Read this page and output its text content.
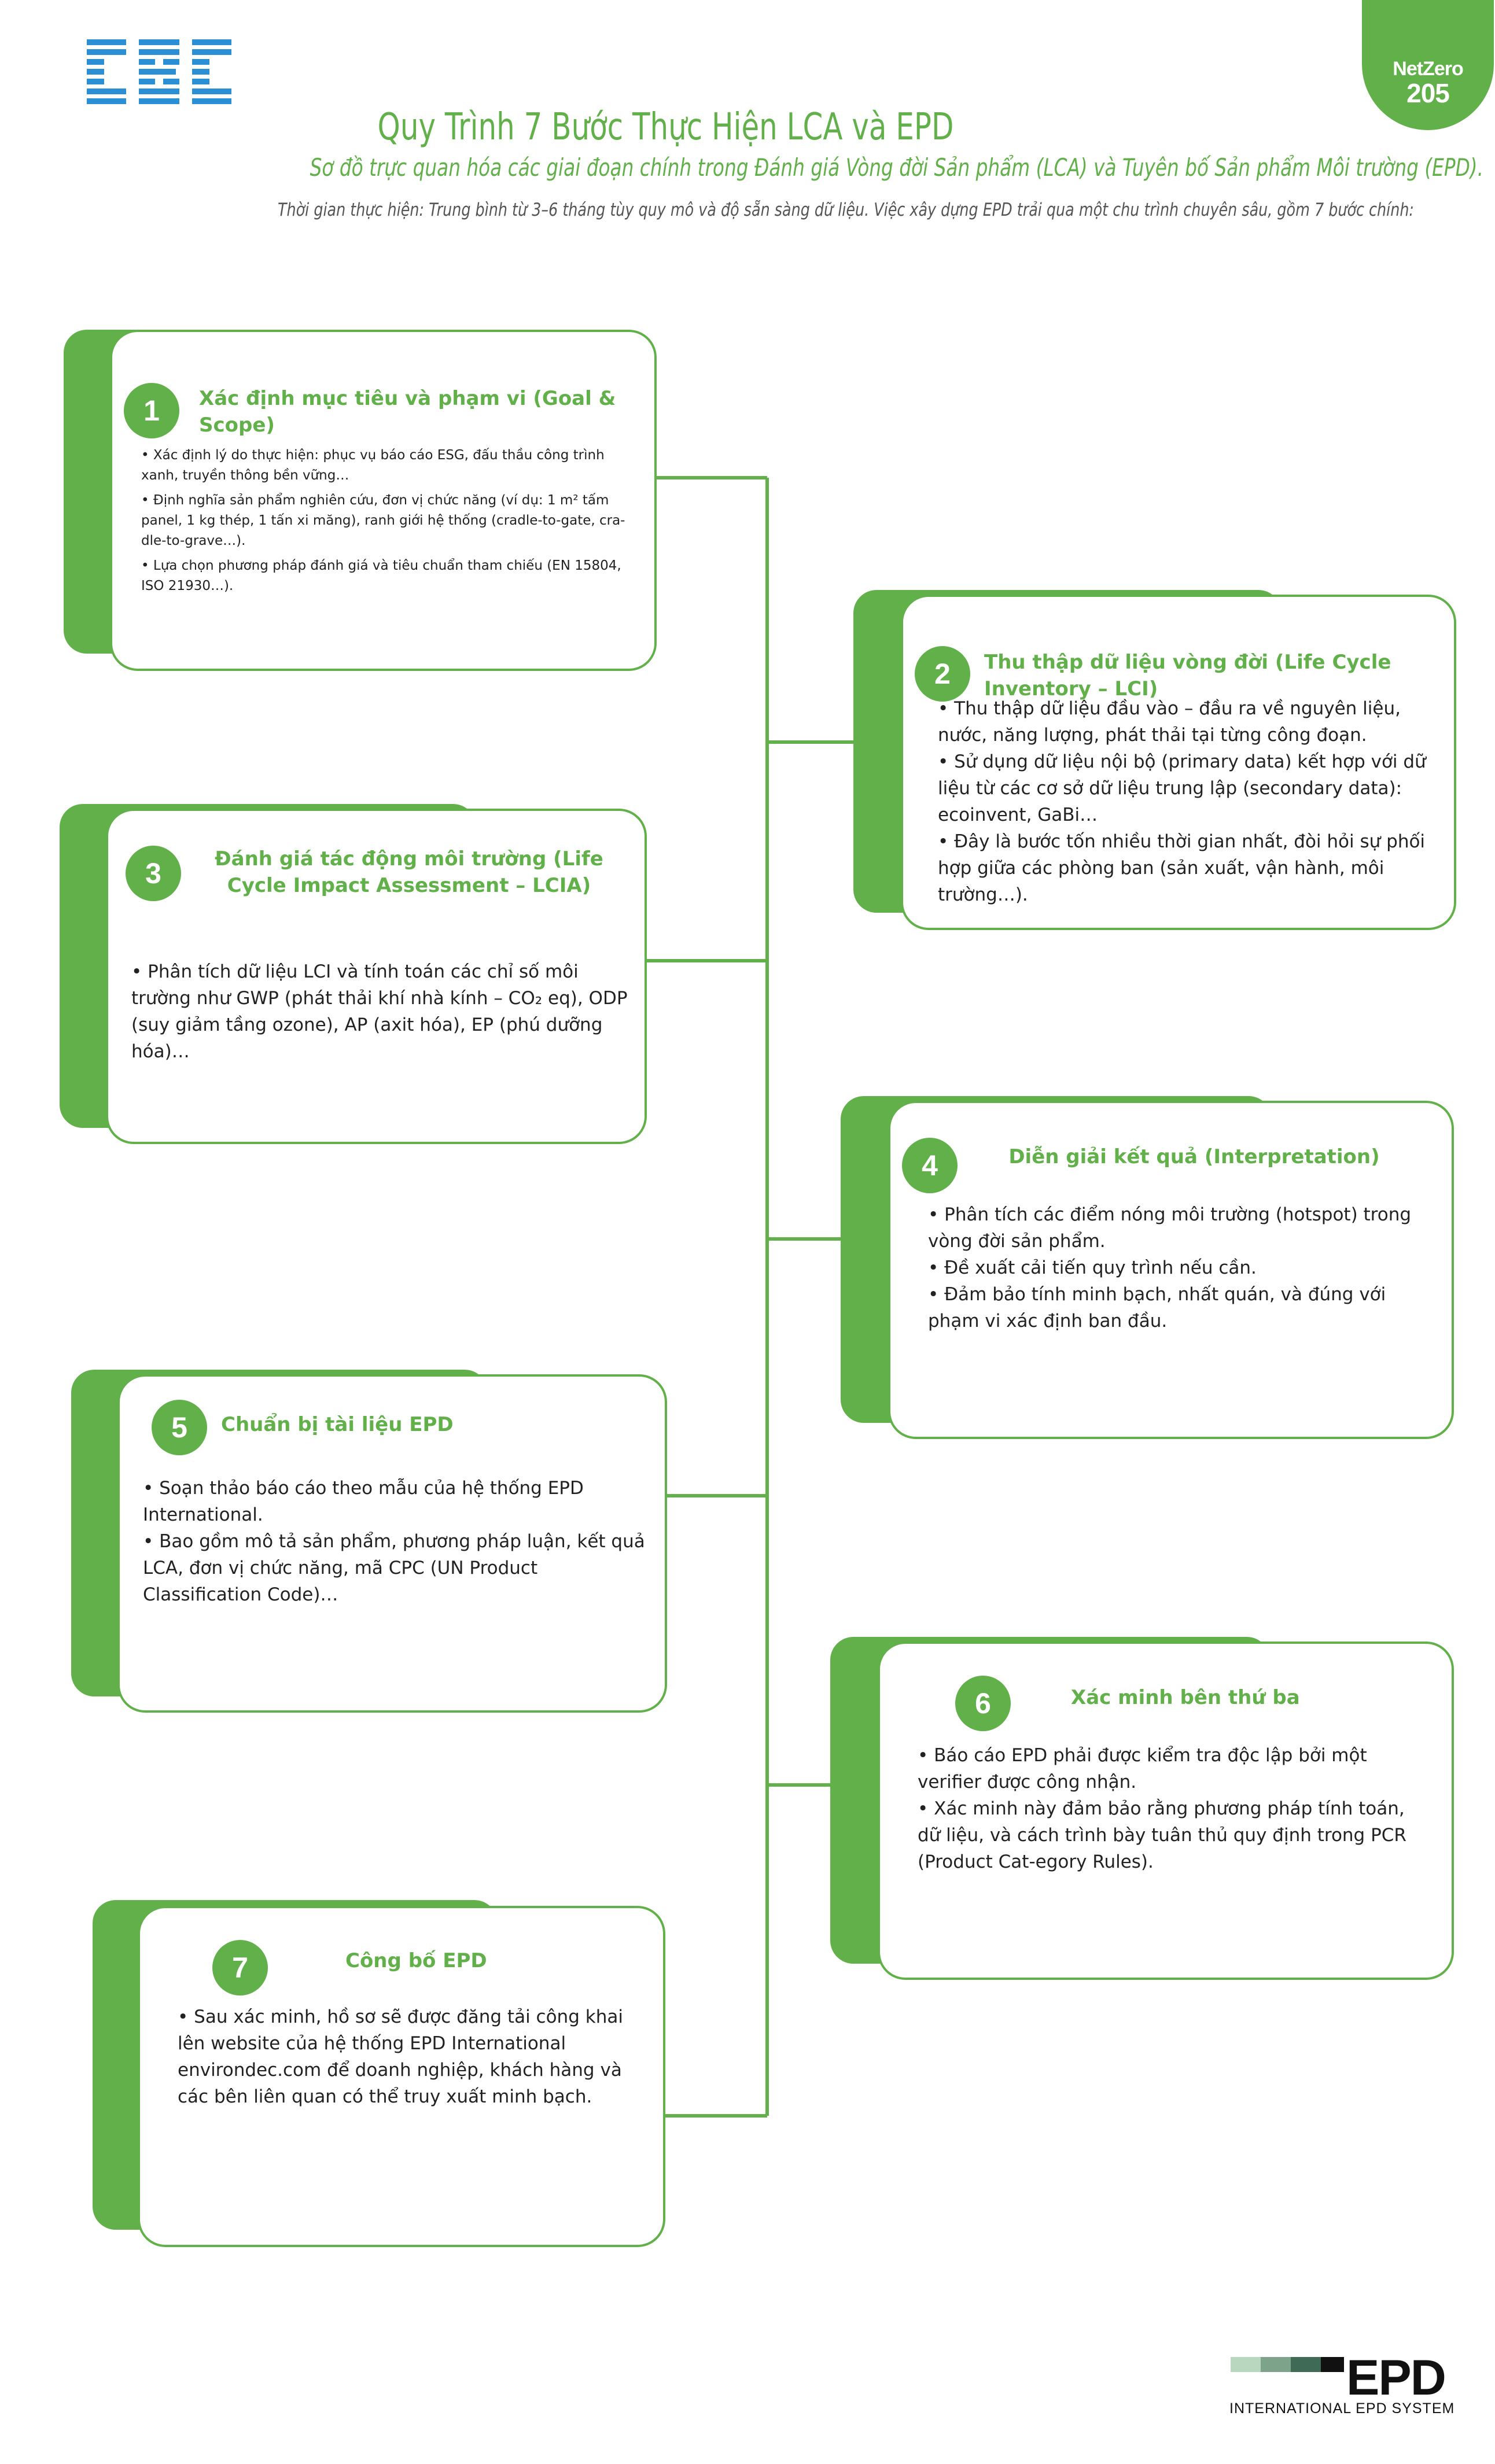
NetZero
205
Quy Trình 7 Bước Thực Hiện LCA và EPD
Sơ đồ trực quan hóa các giai đoạn chính trong Đánh giá Vòng đời Sản phẩm (LCA) và Tuyên bố Sản phẩm Môi trường (EPD).
Thời gian thực hiện: Trung bình từ 3–6 tháng tùy quy mô và độ sẵn sàng dữ liệu. Việc xây dựng EPD trải qua một chu trình chuyên sâu, gồm 7 bước chính:
1	Xác định mục tiêu và phạm vi (Goal & Scope)

• Xác định lý do thực hiện: phục vụ báo cáo ESG, đấu thầu công trình xanh, truyền thông bền vững…

• Định nghĩa sản phẩm nghiên cứu, đơn vị chức năng (ví dụ: 1 m² tấm panel, 1 kg thép, 1 tấn xi măng), ranh giới hệ thống (cradle-to-gate, cra-dle-to-grave…).

• Lựa chọn phương pháp đánh giá và tiêu chuẩn tham chiếu (EN 15804, ISO 21930…).

2	Thu thập dữ liệu vòng đời (Life Cycle Inventory – LCI)

• Thu thập dữ liệu đầu vào – đầu ra về nguyên liệu, nước, năng lượng, phát thải tại từng công đoạn.

• Sử dụng dữ liệu nội bộ (primary data) kết hợp với dữ liệu từ các cơ sở dữ liệu trung lập (secondary data): ecoinvent, GaBi…

• Đây là bước tốn nhiều thời gian nhất, đòi hỏi sự phối hợp giữa các phòng ban (sản xuất, vận hành, môi trường…).

3	Đánh giá tác động môi trường (Life Cycle Impact Assessment – LCIA)

• Phân tích dữ liệu LCI và tính toán các chỉ số môi trường như GWP (phát thải khí nhà kính – CO₂ eq), ODP (suy giảm tầng ozone), AP (axit hóa), EP (phú dưỡng hóa)…

4	Diễn giải kết quả (Interpretation)

• Phân tích các điểm nóng môi trường (hotspot) trong vòng đời sản phẩm.

• Đề xuất cải tiến quy trình nếu cần.

• Đảm bảo tính minh bạch, nhất quán, và đúng với phạm vi xác định ban đầu.

5	Chuẩn bị tài liệu EPD

• Soạn thảo báo cáo theo mẫu của hệ thống EPD International.

• Bao gồm mô tả sản phẩm, phương pháp luận, kết quả LCA, đơn vị chức năng, mã CPC (UN Product Classification Code)…

6	Xác minh bên thứ ba

• Báo cáo EPD phải được kiểm tra độc lập bởi một verifier được công nhận.

• Xác minh này đảm bảo rằng phương pháp tính toán, dữ liệu, và cách trình bày tuân thủ quy định trong PCR (Product Cat-egory Rules).

7	Công bố EPD

• Sau xác minh, hồ sơ sẽ được đăng tải công khai lên website của hệ thống EPD International environdec.com để doanh nghiệp, khách hàng và các bên liên quan có thể truy xuất minh bạch.

EPD
INTERNATIONAL EPD SYSTEM
